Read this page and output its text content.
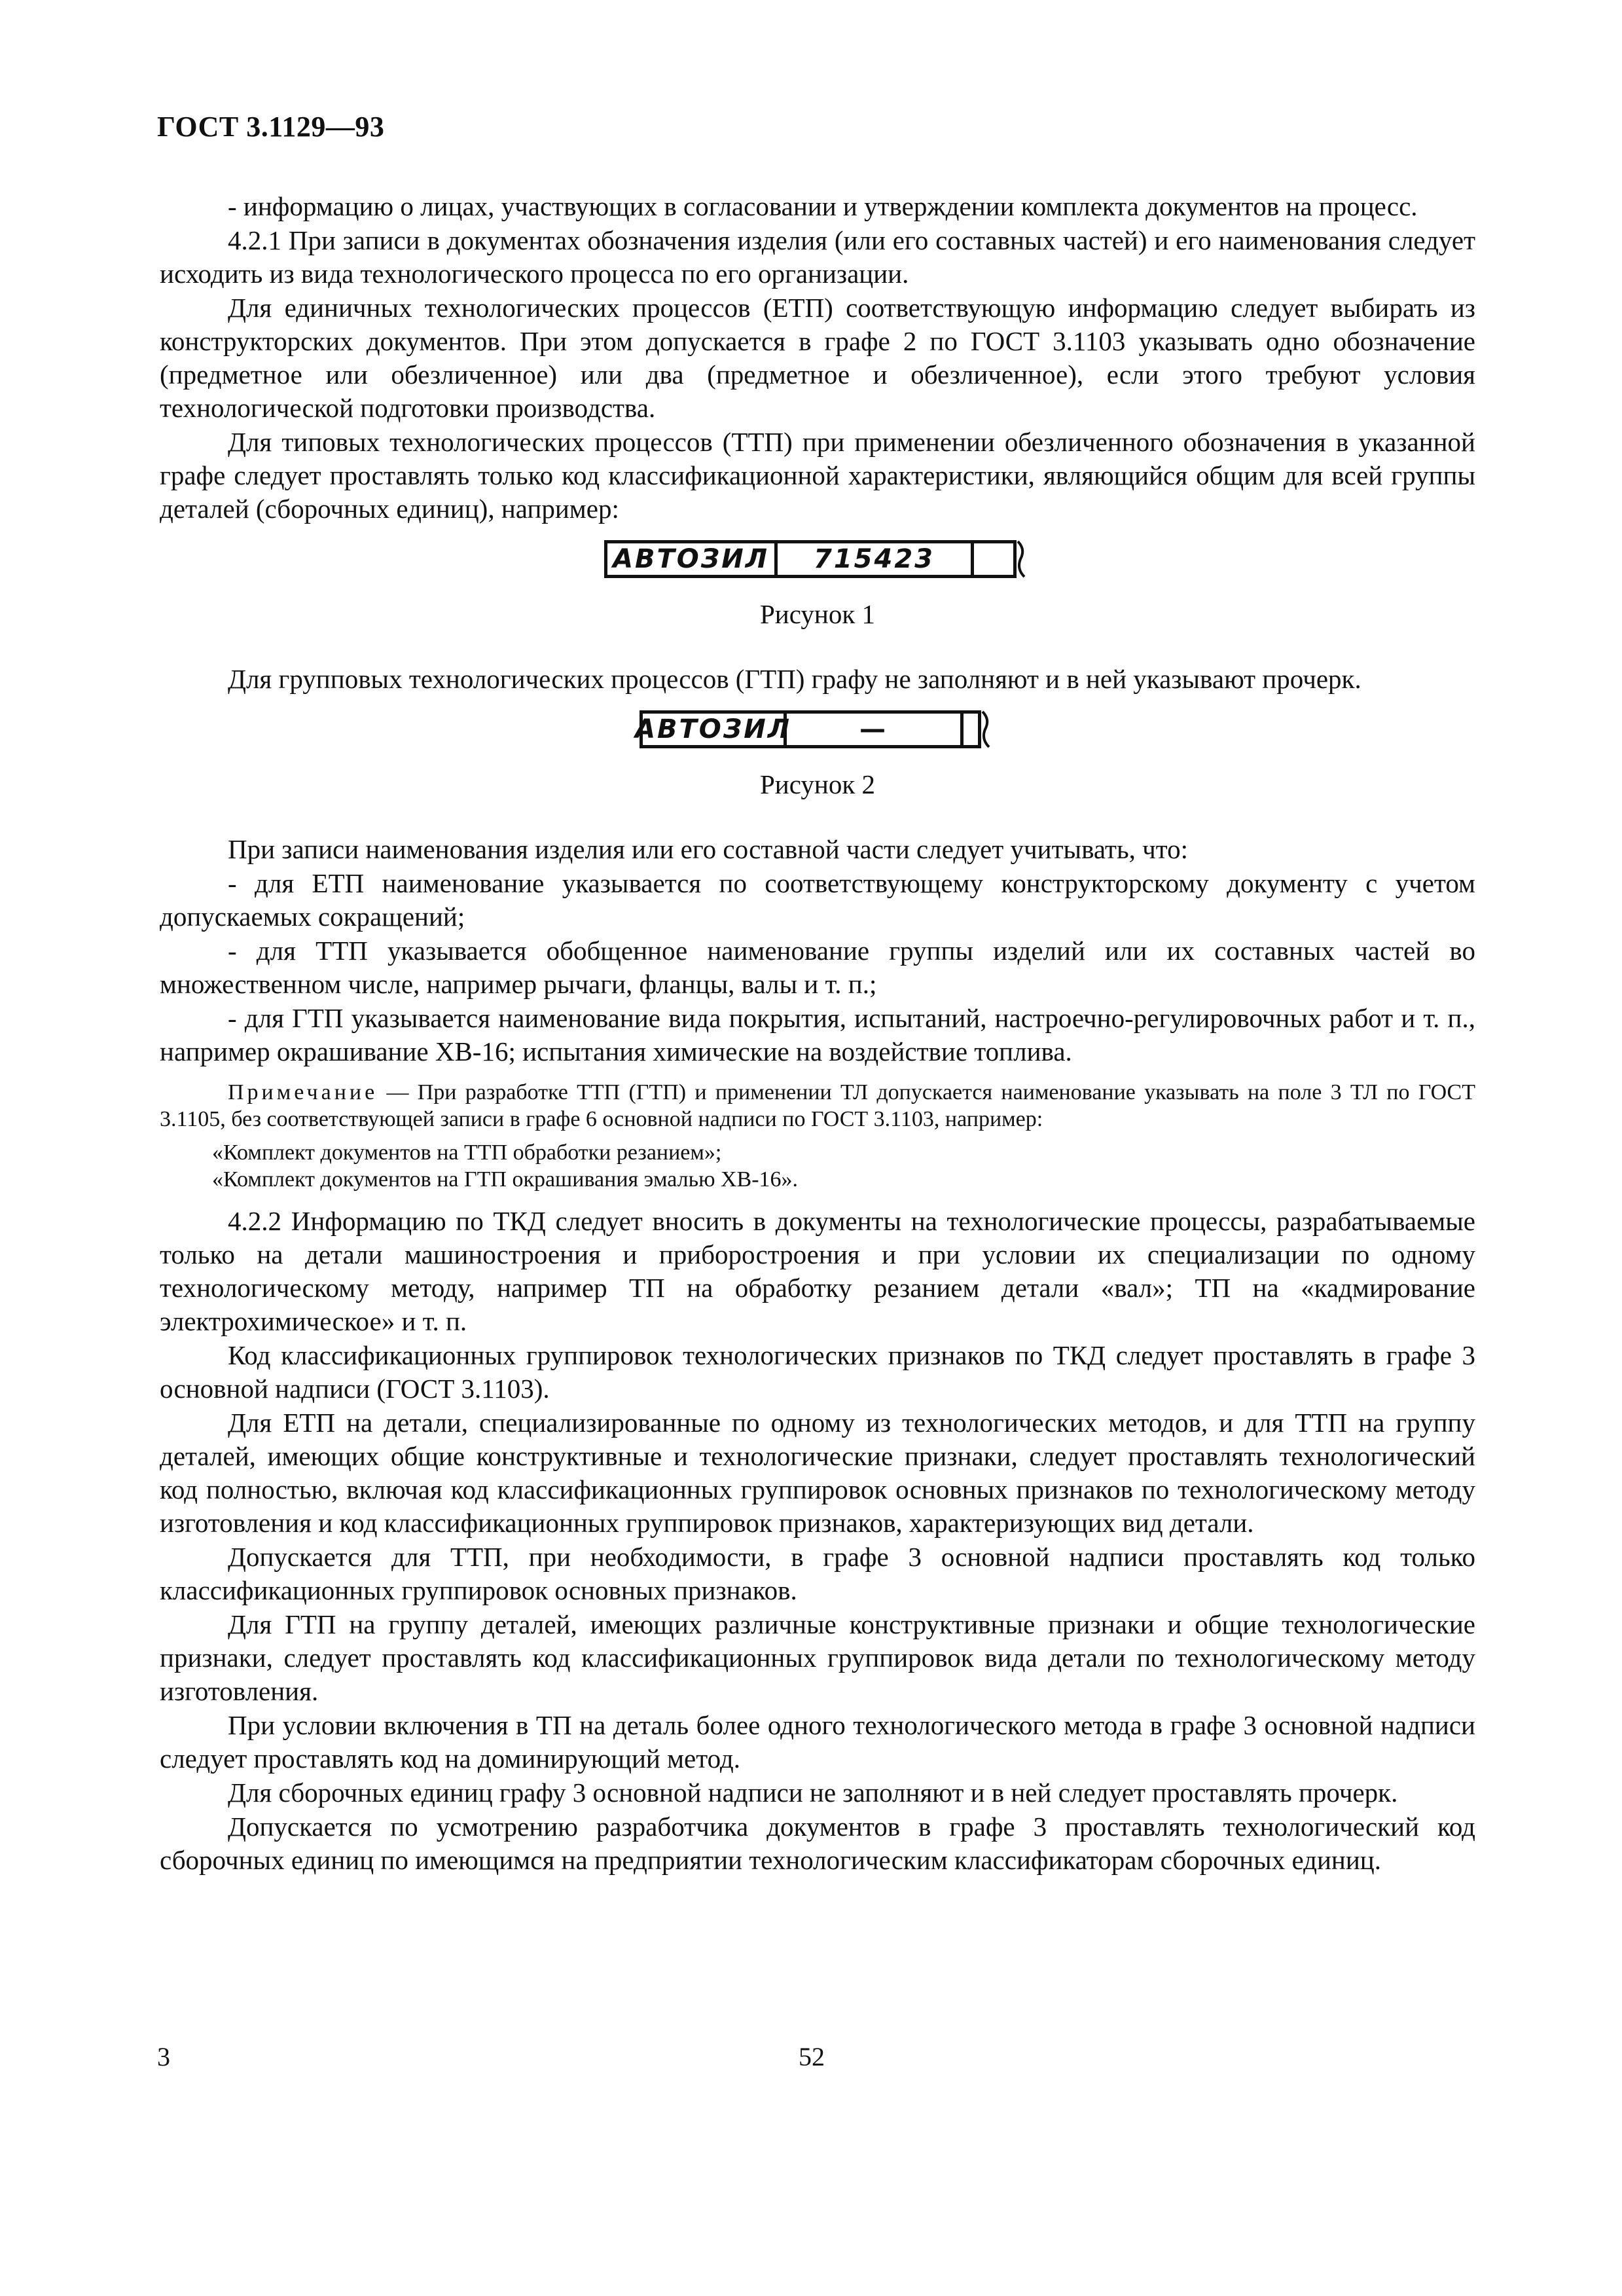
ГОСТ 3.1129—93

- информацию о лицах, участвующих в согласовании и утверждении комплекта документов на процесс.

4.2.1 При записи в документах обозначения изделия (или его составных частей) и его наименования следует исходить из вида технологического процесса по его организации.

Для единичных технологических процессов (ЕТП) соответствующую информацию следует выбирать из конструкторских документов. При этом допускается в графе 2 по ГОСТ 3.1103 указывать одно обозначение (предметное или обезличенное) или два (предметное и обезличенное), если этого требуют условия технологической подготовки производства.

Для типовых технологических процессов (ТТП) при применении обезличенного обозначения в указанной графе следует проставлять только код классификационной характеристики, являющийся общим для всей группы деталей (сборочных единиц), например:

АВТОЗИЛ	715423
Рисунок 1

Для групповых технологических процессов (ГТП) графу не заполняют и в ней указывают прочерк.

АВТОЗИЛ	—
Рисунок 2

При записи наименования изделия или его составной части следует учитывать, что:

- для ЕТП наименование указывается по соответствующему конструкторскому документу с учетом допускаемых сокращений;

- для ТТП указывается обобщенное наименование группы изделий или их составных частей во множественном числе, например рычаги, фланцы, валы и т. п.;

- для ГТП указывается наименование вида покрытия, испытаний, настроечно-регулировочных работ и т. п., например окрашивание ХВ-16; испытания химические на воздействие топлива.

Примечание — При разработке ТТП (ГТП) и применении ТЛ допускается наименование указывать на поле 3 ТЛ по ГОСТ 3.1105, без соответствующей записи в графе 6 основной надписи по ГОСТ 3.1103, например:

«Комплект документов на ТТП обработки резанием»;

«Комплект документов на ГТП окрашивания эмалью ХВ-16».

4.2.2 Информацию по ТКД следует вносить в документы на технологические процессы, разрабатываемые только на детали машиностроения и приборостроения и при условии их специализации по одному технологическому методу, например ТП на обработку резанием детали «вал»; ТП на «кадмирование электрохимическое» и т. п.

Код классификационных группировок технологических признаков по ТКД следует проставлять в графе 3 основной надписи (ГОСТ 3.1103).

Для ЕТП на детали, специализированные по одному из технологических методов, и для ТТП на группу деталей, имеющих общие конструктивные и технологические признаки, следует проставлять технологический код полностью, включая код классификационных группировок основных признаков по технологическому методу изготовления и код классификационных группировок признаков, характеризующих вид детали.

Допускается для ТТП, при необходимости, в графе 3 основной надписи проставлять код только классификационных группировок основных признаков.

Для ГТП на группу деталей, имеющих различные конструктивные признаки и общие технологические признаки, следует проставлять код классификационных группировок вида детали по технологическому методу изготовления.

При условии включения в ТП на деталь более одного технологического метода в графе 3 основной надписи следует проставлять код на доминирующий метод.

Для сборочных единиц графу 3 основной надписи не заполняют и в ней следует проставлять прочерк.

Допускается по усмотрению разработчика документов в графе 3 проставлять технологический код сборочных единиц по имеющимся на предприятии технологическим классификаторам сборочных единиц.

3	52
